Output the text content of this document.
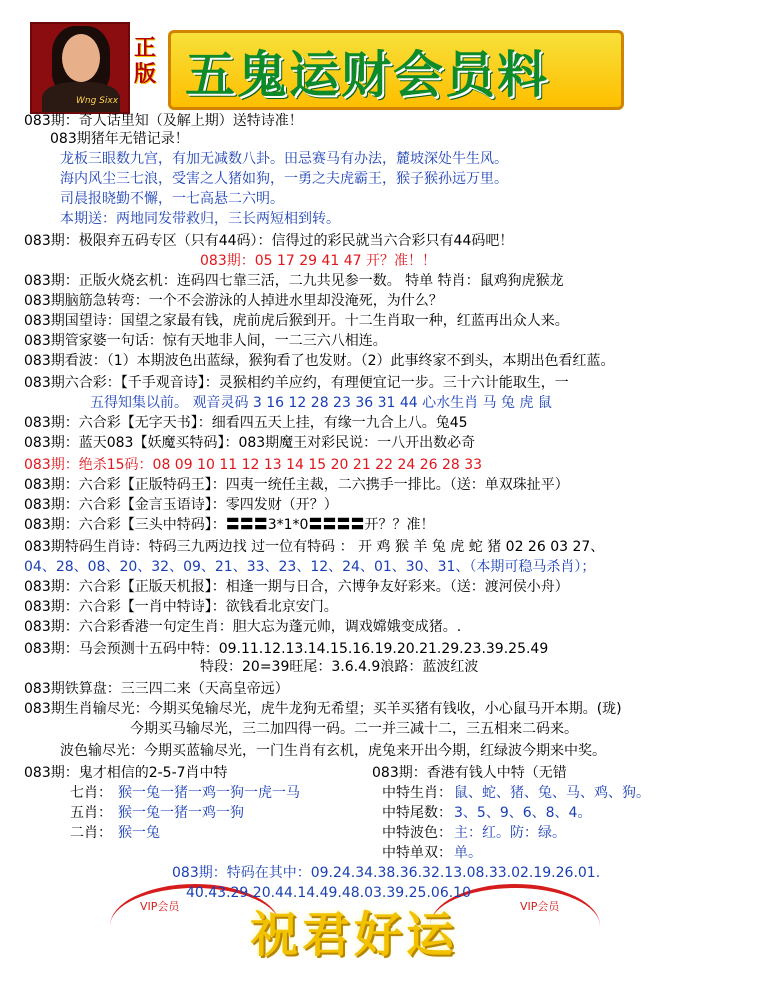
Wng Sixx
正版 五鬼运财会员料
083期：奇人话里知（及解上期）送特诗准！
083期猪年无错记录！
龙板三眼数九宫，有加无减数八卦。田忌赛马有办法，麓坡深处牛生风。
海内风尘三七浪，受害之人猪如狗，一勇之夫虎霸王，猴子猴孙远万里。
司晨报晓勤不懈，一七高悬二六明。
本期送：两地同发带救归，三长两短相到转。
083期：极限弃五码专区（只有44码）：信得过的彩民就当六合彩只有44码吧！
083期：05 17 29 41 47 开？准！！
083期：正版火烧玄机：连码四七靠三活，二九共见参一数。 特单 特肖：鼠鸡狗虎猴龙
083期脑筋急转弯：一个不会游泳的人掉进水里却没淹死，为什么？
083期国望诗：国望之家最有钱，虎前虎后猴到开。十二生肖取一种，红蓝再出众人来。
083期管家婆一句话：惊有天地非人间，一二三六八相连。
083期看波：（1）本期波色出蓝绿，猴狗看了也发财。（2）此事终家不到头，本期出色看红蓝。
083期六合彩：【千手观音诗】：灵猴相约羊应约，有理便宜记一步。三十六计能取生，一
五得知集以前。 观音灵码 3 16 12 28 23 36 31 44 心水生肖 马 兔 虎 鼠
083期：六合彩【无字天书】：细看四五天上挂，有缘一九合上八。兔45
083期：蓝天083【妖魔买特码】：083期魔王对彩民说：一八开出数必奇
083期：绝杀15码：08 09 10 11 12 13 14 15 20 21 22 24 26 28 33
083期：六合彩【正版特码王】：四夷一统任主裁，二六携手一排比。（送：单双珠扯平）
083期：六合彩【金言玉语诗】：零四发财（开？）
083期：六合彩【三头中特码】：〓〓〓3*1*0〓〓〓〓开？？准！
083期特码生肖诗：特码三九两边找 过一位有特码 ： 开 鸡 猴 羊 兔 虎 蛇 猪 02 26 03 27、
04、28、08、20、32、09、21、33、23、12、24、01、30、31、（本期可稳马杀肖）；
083期：六合彩【正版天机报】：相逢一期与日合，六博争友好彩来。（送：渡河侯小舟）
083期：六合彩【一肖中特诗】：欲钱看北京安门。
083期：六合彩香港一句定生肖：胆大忘为蓬元帅，调戏嫦娥变成猪。.
083期：马会预测十五码中特：09.11.12.13.14.15.16.19.20.21.29.23.39.25.49
特段：20=39旺尾：3.6.4.9浪路：蓝波红波
083期铁算盘：三三四二来（天高皇帝远）
083期生肖输尽光：今期买兔输尽光，虎牛龙狗无希望；买羊买猪有钱收，小心鼠马开本期。(珑)
今期买马输尽光，三二加四得一码。二一并三减十二，三五相来二码来。
波色输尽光：今期买蓝输尽光，一门生肖有玄机，虎兔来开出今期，红绿波今期来中奖。
083期：鬼才相信的2-5-7肖中特
七肖： 猴一兔一猪一鸡一狗一虎一马
五肖： 猴一兔一猪一鸡一狗
二肖： 猴一兔
083期：香港有钱人中特（无错
中特生肖： 鼠、蛇、猪、兔、马、鸡、狗。
中特尾数： 3、5、9、6、8、4。
中特波色： 主：红。防：绿。
中特单双： 单。
083期：特码在其中：09.24.34.38.36.32.13.08.33.02.19.26.01.
VIP会员	VIP会员
40.43.29.20.44.14.49.48.03.39.25.06.10
祝君好运
